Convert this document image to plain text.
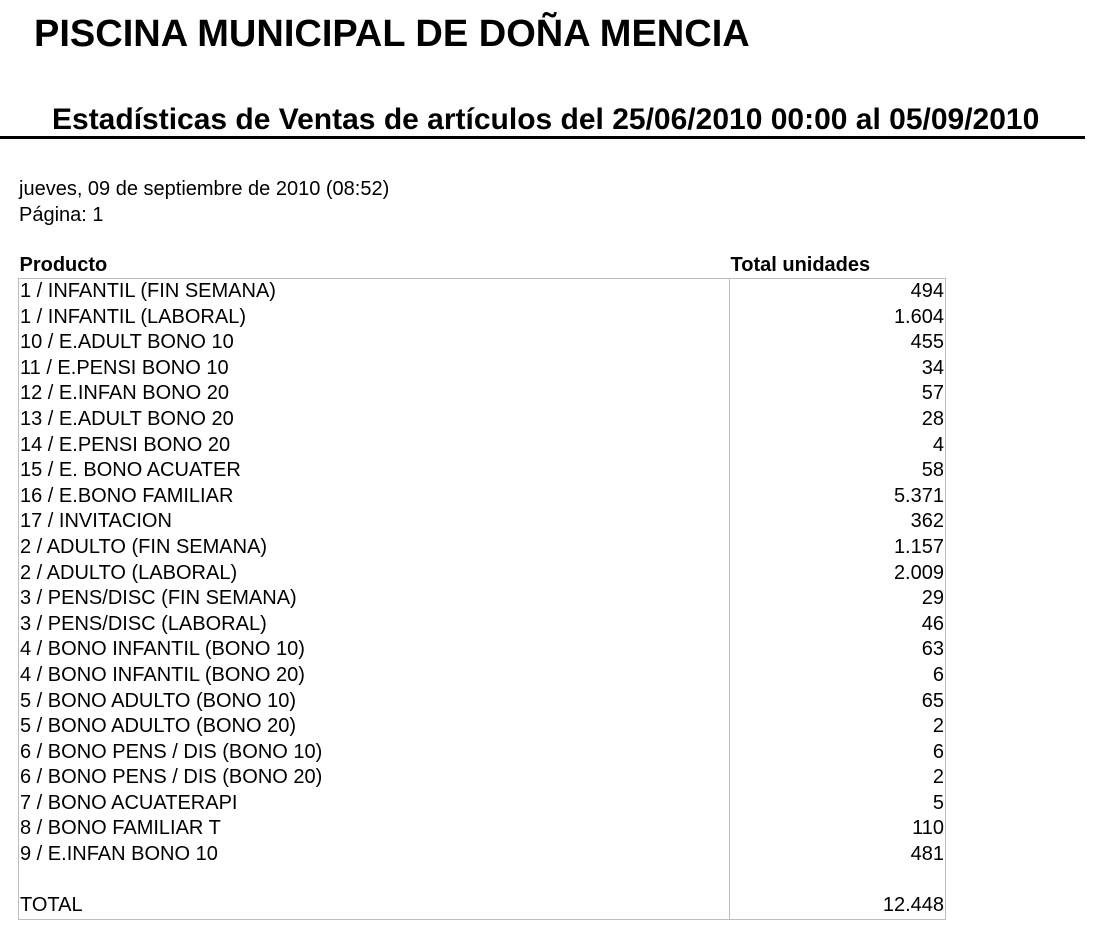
PISCINA MUNICIPAL DE DOÑA MENCIA
Estadísticas de Ventas de artículos del 25/06/2010 00:00 al 05/09/2010
jueves, 09 de septiembre de 2010 (08:52)
Página: 1
Producto	Total unidades
1 / INFANTIL (FIN SEMANA)	494
1 / INFANTIL (LABORAL)	1.604
10 / E.ADULT BONO 10	455
11 / E.PENSI BONO 10	34
12 / E.INFAN BONO 20	57
13 / E.ADULT BONO 20	28
14 / E.PENSI BONO 20	4
15 / E. BONO ACUATER	58
16 / E.BONO FAMILIAR	5.371
17 / INVITACION	362
2 / ADULTO (FIN SEMANA)	1.157
2 / ADULTO (LABORAL)	2.009
3 / PENS/DISC (FIN SEMANA)	29
3 / PENS/DISC (LABORAL)	46
4 / BONO INFANTIL (BONO 10)	63
4 / BONO INFANTIL (BONO 20)	6
5 / BONO ADULTO (BONO 10)	65
5 / BONO ADULTO (BONO 20)	2
6 / BONO PENS / DIS (BONO 10)	6
6 / BONO PENS / DIS (BONO 20)	2
7 / BONO ACUATERAPI	5
8 / BONO FAMILIAR T	110
9 / E.INFAN BONO 10	481

TOTAL	12.448
